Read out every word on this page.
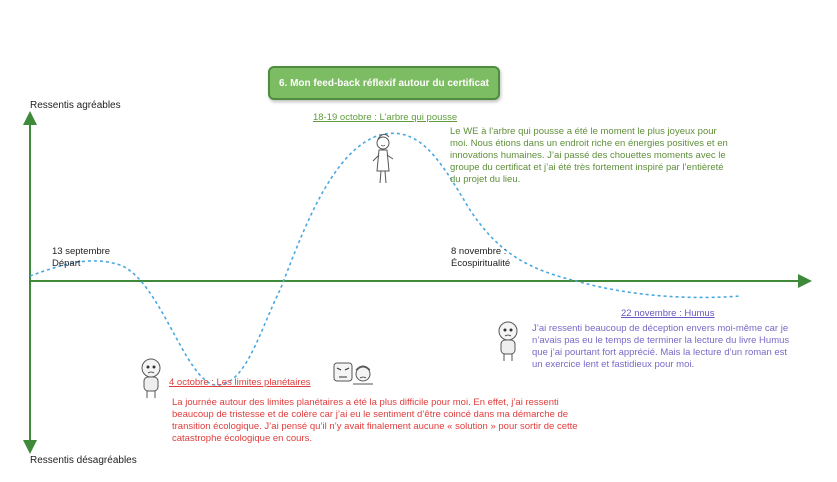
6. Mon feed-back réflexif autour du certificat
Ressentis agréables
Ressentis désagréables
13 septembre
Départ
18-19 octobre : L’arbre qui pousse
Le WE à l’arbre qui pousse a été le moment le plus joyeux pour moi. Nous étions dans un endroit riche en énergies positives et en innovations humaines. J’ai passé des chouettes moments avec le groupe du certificat et j’ai été très fortement inspiré par l’entièreté du projet du lieu.
8 novembre :
Écospiritualité
4 octobre : Les limites planétaires
La journée autour des limites planétaires a été la plus difficile pour moi. En effet, j’ai ressenti beaucoup de tristesse et de colère car j’ai eu le sentiment d’être coincé dans ma démarche de transition écologique. J’ai pensé qu’il n’y avait finalement aucune « solution » pour sortir de cette catastrophe écologique en cours.
22 novembre : Humus
J’ai ressenti beaucoup de déception envers moi-même car je n’avais pas eu le temps de terminer la lecture du livre Humus que j’ai pourtant fort apprécié. Mais la lecture d’un roman est un exercice lent et fastidieux pour moi.
